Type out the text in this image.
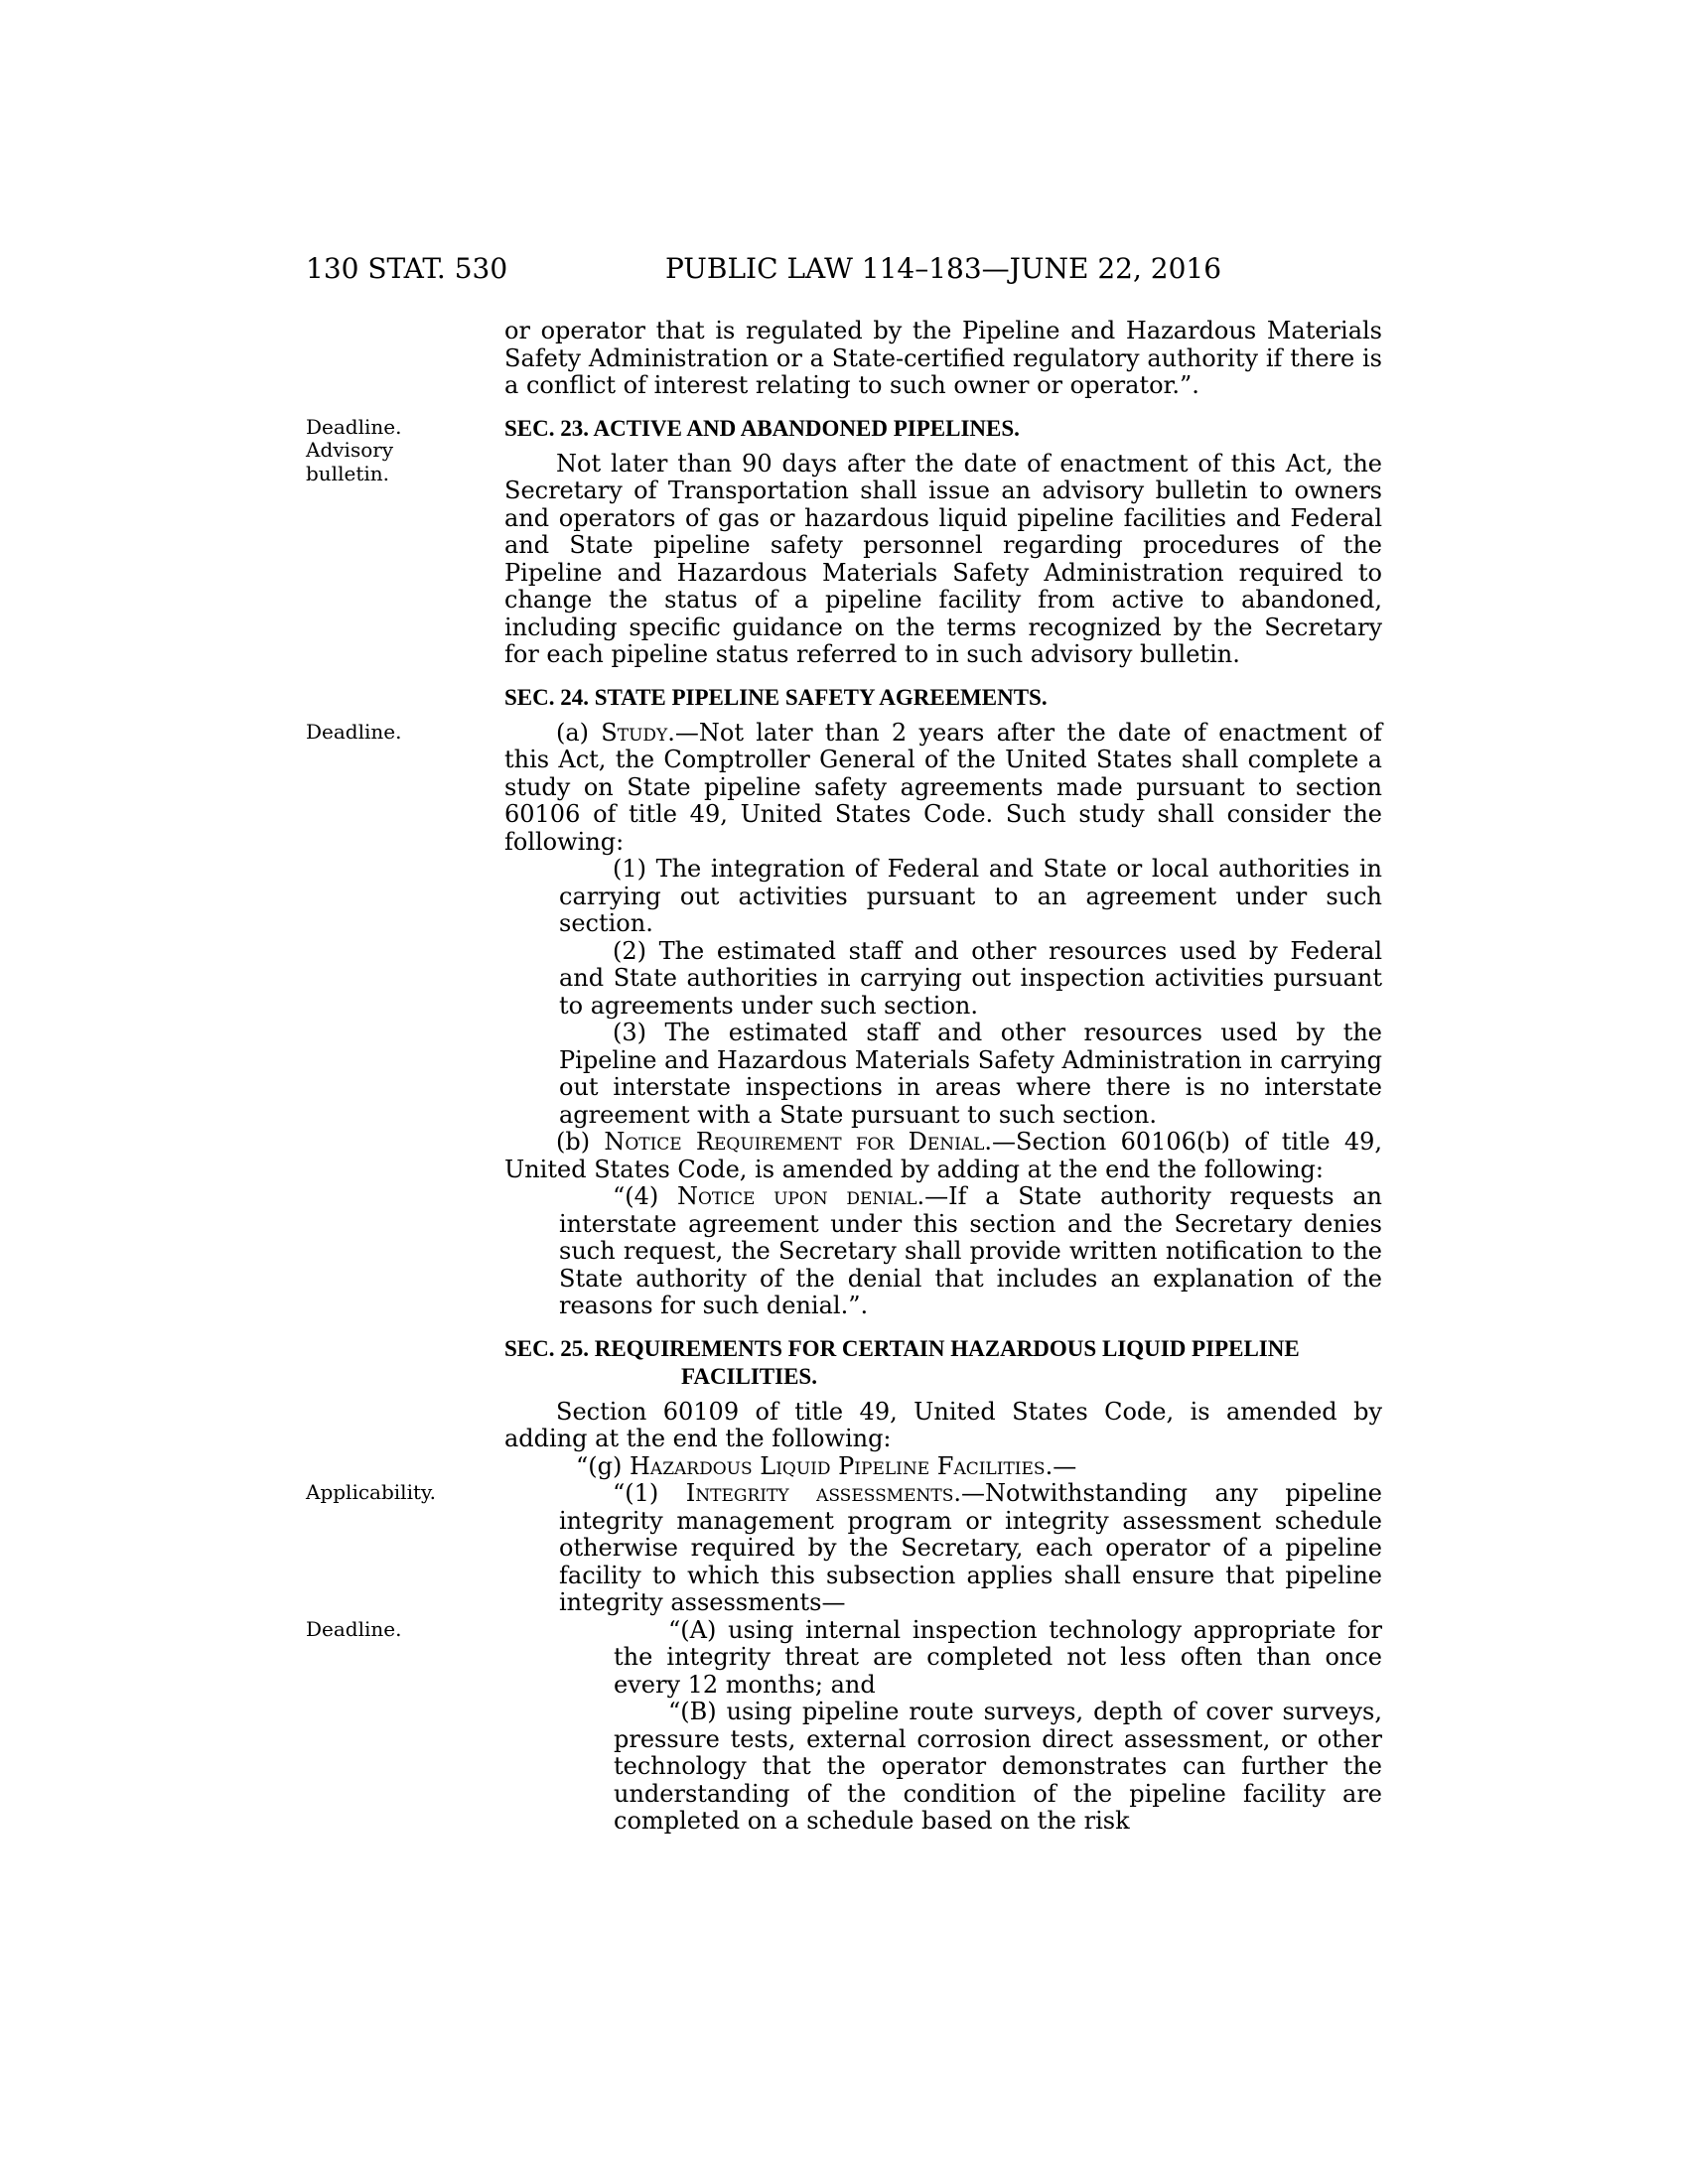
130 STAT. 530	PUBLIC LAW 114–183—JUNE 22, 2016
or operator that is regulated by the Pipeline and Hazardous Materials Safety Administration or a State-certified regulatory authority if there is a conflict of interest relating to such owner or operator.”.
SEC. 23. ACTIVE AND ABANDONED PIPELINES.
Deadline.
Advisory bulletin.	Not later than 90 days after the date of enactment of this Act, the Secretary of Transportation shall issue an advisory bulletin to owners and operators of gas or hazardous liquid pipeline facilities and Federal and State pipeline safety personnel regarding procedures of the Pipeline and Hazardous Materials Safety Administration required to change the status of a pipeline facility from active to abandoned, including specific guidance on the terms recognized by the Secretary for each pipeline status referred to in such advisory bulletin.
SEC. 24. STATE PIPELINE SAFETY AGREEMENTS.
(a) Study.—Not later than 2 years after the date of enactment of this Act, the Comptroller General of the United States shall complete a study on State pipeline safety agreements made pursuant to section 60106 of title 49, United States Code. Such study shall consider the following:
Deadline.
(1) The integration of Federal and State or local authorities in carrying out activities pursuant to an agreement under such section.
(2) The estimated staff and other resources used by Federal and State authorities in carrying out inspection activities pursuant to agreements under such section.
(3) The estimated staff and other resources used by the Pipeline and Hazardous Materials Safety Administration in carrying out interstate inspections in areas where there is no interstate agreement with a State pursuant to such section.
(b) Notice Requirement for Denial.—Section 60106(b) of title 49, United States Code, is amended by adding at the end the following:
“(4) Notice upon denial.—If a State authority requests an interstate agreement under this section and the Secretary denies such request, the Secretary shall provide written notification to the State authority of the denial that includes an explanation of the reasons for such denial.”.
SEC. 25. REQUIREMENTS FOR CERTAIN HAZARDOUS LIQUID PIPELINE FACILITIES.
Section 60109 of title 49, United States Code, is amended by adding at the end the following:
“(g) Hazardous Liquid Pipeline Facilities.—
“(1) Integrity assessments.—Notwithstanding any pipeline integrity management program or integrity assessment schedule otherwise required by the Secretary, each operator of a pipeline facility to which this subsection applies shall ensure that pipeline integrity assessments—
Applicability.
“(A) using internal inspection technology appropriate for the integrity threat are completed not less often than once every 12 months; and
Deadline.
“(B) using pipeline route surveys, depth of cover surveys, pressure tests, external corrosion direct assessment, or other technology that the operator demonstrates can further the understanding of the condition of the pipeline facility are completed on a schedule based on the risk
